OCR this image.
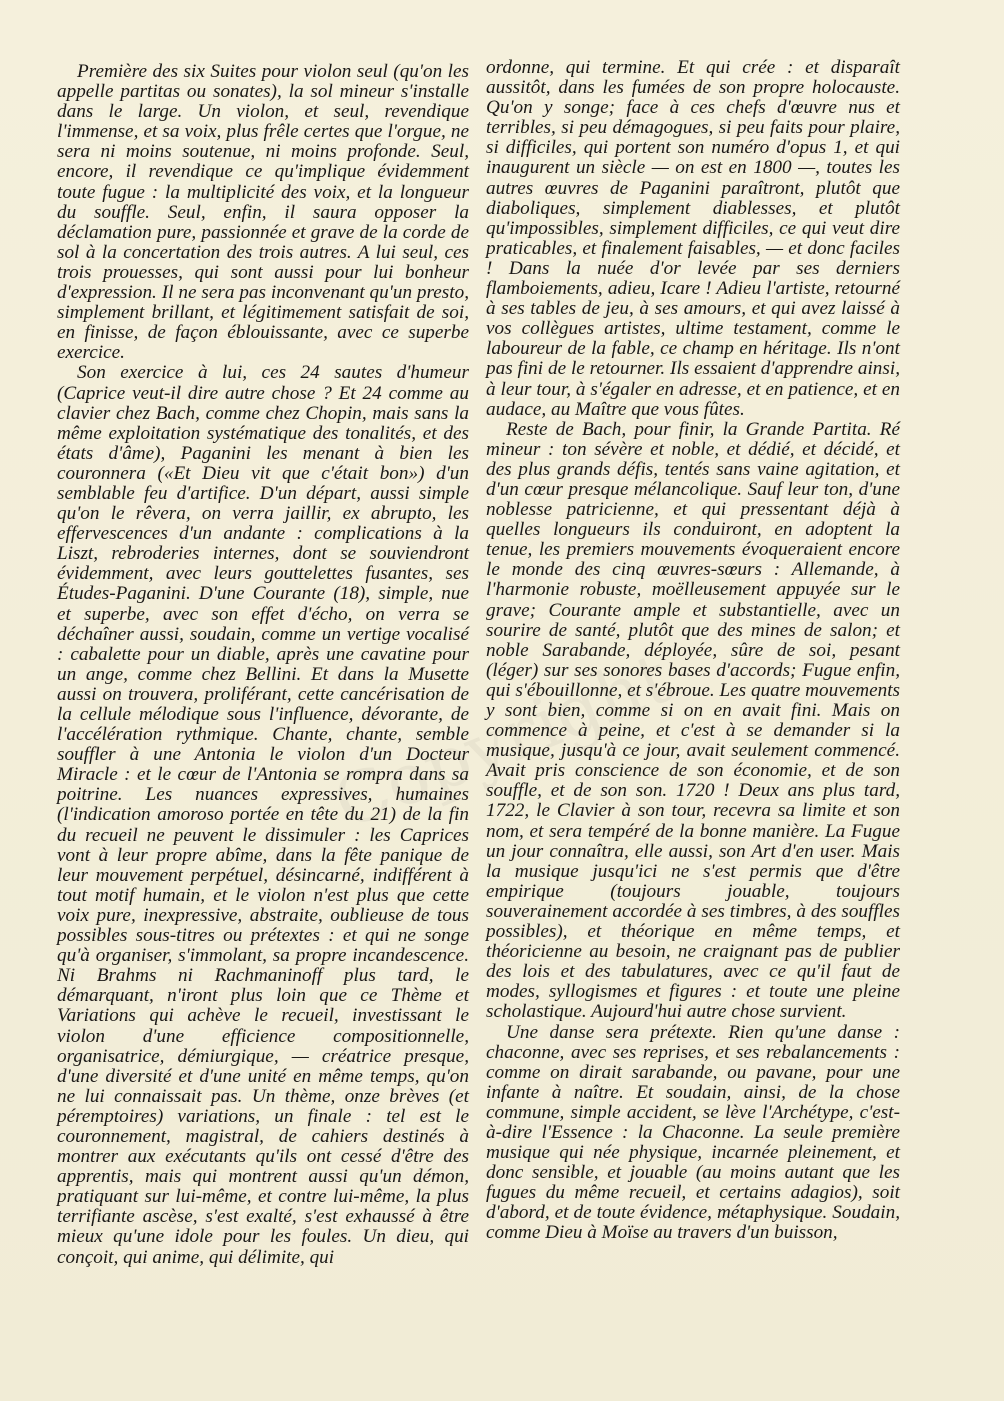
Première des six Suites pour violon seul (qu'on les appelle partitas ou sonates), la sol mineur s'installe dans le large. Un violon, et seul, revendique l'immense, et sa voix, plus frêle certes que l'orgue, ne sera ni moins soutenue, ni moins profonde. Seul, encore, il revendique ce qu'implique évidemment toute fugue : la multiplicité des voix, et la longueur du souffle. Seul, enfin, il saura opposer la déclamation pure, passionnée et grave de la corde de sol à la concertation des trois autres. A lui seul, ces trois prouesses, qui sont aussi pour lui bonheur d'expression. Il ne sera pas inconvenant qu'un presto, simplement brillant, et légitimement satisfait de soi, en finisse, de façon éblouissante, avec ce superbe exercice.

Son exercice à lui, ces 24 sautes d'humeur (Caprice veut-il dire autre chose ? Et 24 comme au clavier chez Bach, comme chez Chopin, mais sans la même exploitation systématique des tonalités, et des états d'âme), Paganini les menant à bien les couronnera («Et Dieu vit que c'était bon») d'un semblable feu d'artifice. D'un départ, aussi simple qu'on le rêvera, on verra jaillir, ex abrupto, les effervescences d'un andante : complications à la Liszt, rebroderies internes, dont se souviendront évidemment, avec leurs gouttelettes fusantes, ses Études-Paganini. D'une Courante (18), simple, nue et superbe, avec son effet d'écho, on verra se déchaîner aussi, soudain, comme un vertige vocalisé : cabalette pour un diable, après une cavatine pour un ange, comme chez Bellini. Et dans la Musette aussi on trouvera, proliférant, cette cancérisation de la cellule mélodique sous l'influence, dévorante, de l'accélération rythmique. Chante, chante, semble souffler à une Antonia le violon d'un Docteur Miracle : et le cœur de l'Antonia se rompra dans sa poitrine. Les nuances expressives, humaines (l'indication amoroso portée en tête du 21) de la fin du recueil ne peuvent le dissimuler : les Caprices vont à leur propre abîme, dans la fête panique de leur mouvement perpétuel, désincarné, indifférent à tout motif humain, et le violon n'est plus que cette voix pure, inexpressive, abstraite, oublieuse de tous possibles sous-titres ou prétextes : et qui ne songe qu'à organiser, s'immolant, sa propre incandescence. Ni Brahms ni Rachmaninoff plus tard, le démarquant, n'iront plus loin que ce Thème et Variations qui achève le recueil, investissant le violon d'une efficience compositionnelle, organisatrice, démiurgique, — créatrice presque, d'une diversité et d'une unité en même temps, qu'on ne lui connaissait pas. Un thème, onze brèves (et péremptoires) variations, un finale : tel est le couronnement, magistral, de cahiers destinés à montrer aux exécutants qu'ils ont cessé d'être des apprentis, mais qui montrent aussi qu'un démon, pratiquant sur lui-même, et contre lui-même, la plus terrifiante ascèse, s'est exalté, s'est exhaussé à être mieux qu'une idole pour les foules. Un dieu, qui conçoit, qui anime, qui délimite, qui

ordonne, qui termine. Et qui crée : et disparaît aussitôt, dans les fumées de son propre holocauste. Qu'on y songe; face à ces chefs d'œuvre nus et terribles, si peu démagogues, si peu faits pour plaire, si difficiles, qui portent son numéro d'opus 1, et qui inaugurent un siècle — on est en 1800 —, toutes les autres œuvres de Paganini paraîtront, plutôt que diaboliques, simplement diablesses, et plutôt qu'impossibles, simplement difficiles, ce qui veut dire praticables, et finalement faisables, — et donc faciles ! Dans la nuée d'or levée par ses derniers flamboiements, adieu, Icare ! Adieu l'artiste, retourné à ses tables de jeu, à ses amours, et qui avez laissé à vos collègues artistes, ultime testament, comme le laboureur de la fable, ce champ en héritage. Ils n'ont pas fini de le retourner. Ils essaient d'apprendre ainsi, à leur tour, à s'égaler en adresse, et en patience, et en audace, au Maître que vous fûtes.

Reste de Bach, pour finir, la Grande Partita. Ré mineur : ton sévère et noble, et dédié, et décidé, et des plus grands défis, tentés sans vaine agitation, et d'un cœur presque mélancolique. Sauf leur ton, d'une noblesse patricienne, et qui pressentant déjà à quelles longueurs ils conduiront, en adoptent la tenue, les premiers mouvements évoqueraient encore le monde des cinq œuvres-sœurs : Allemande, à l'harmonie robuste, moëlleusement appuyée sur le grave; Courante ample et substantielle, avec un sourire de santé, plutôt que des mines de salon; et noble Sarabande, déployée, sûre de soi, pesant (léger) sur ses sonores bases d'accords; Fugue enfin, qui s'ébouillonne, et s'ébroue. Les quatre mouvements y sont bien, comme si on en avait fini. Mais on commence à peine, et c'est à se demander si la musique, jusqu'à ce jour, avait seulement commencé. Avait pris conscience de son économie, et de son souffle, et de son son. 1720 ! Deux ans plus tard, 1722, le Clavier à son tour, recevra sa limite et son nom, et sera tempéré de la bonne manière. La Fugue un jour connaîtra, elle aussi, son Art d'en user. Mais la musique jusqu'ici ne s'est permis que d'être empirique (toujours jouable, toujours souverainement accordée à ses timbres, à des souffles possibles), et théorique en même temps, et théoricienne au besoin, ne craignant pas de publier des lois et des tabulatures, avec ce qu'il faut de modes, syllogismes et figures : et toute une pleine scholastique. Aujourd'hui autre chose survient.

Une danse sera prétexte. Rien qu'une danse : chaconne, avec ses reprises, et ses rebalancements : comme on dirait sarabande, ou pavane, pour une infante à naître. Et soudain, ainsi, de la chose commune, simple accident, se lève l'Archétype, c'est-à-dire l'Essence : la Chaconne. La seule première musique qui née physique, incarnée pleinement, et donc sensible, et jouable (au moins autant que les fugues du même recueil, et certains adagios), soit d'abord, et de toute évidence, métaphysique. Soudain, comme Dieu à Moïse au travers d'un buisson,
